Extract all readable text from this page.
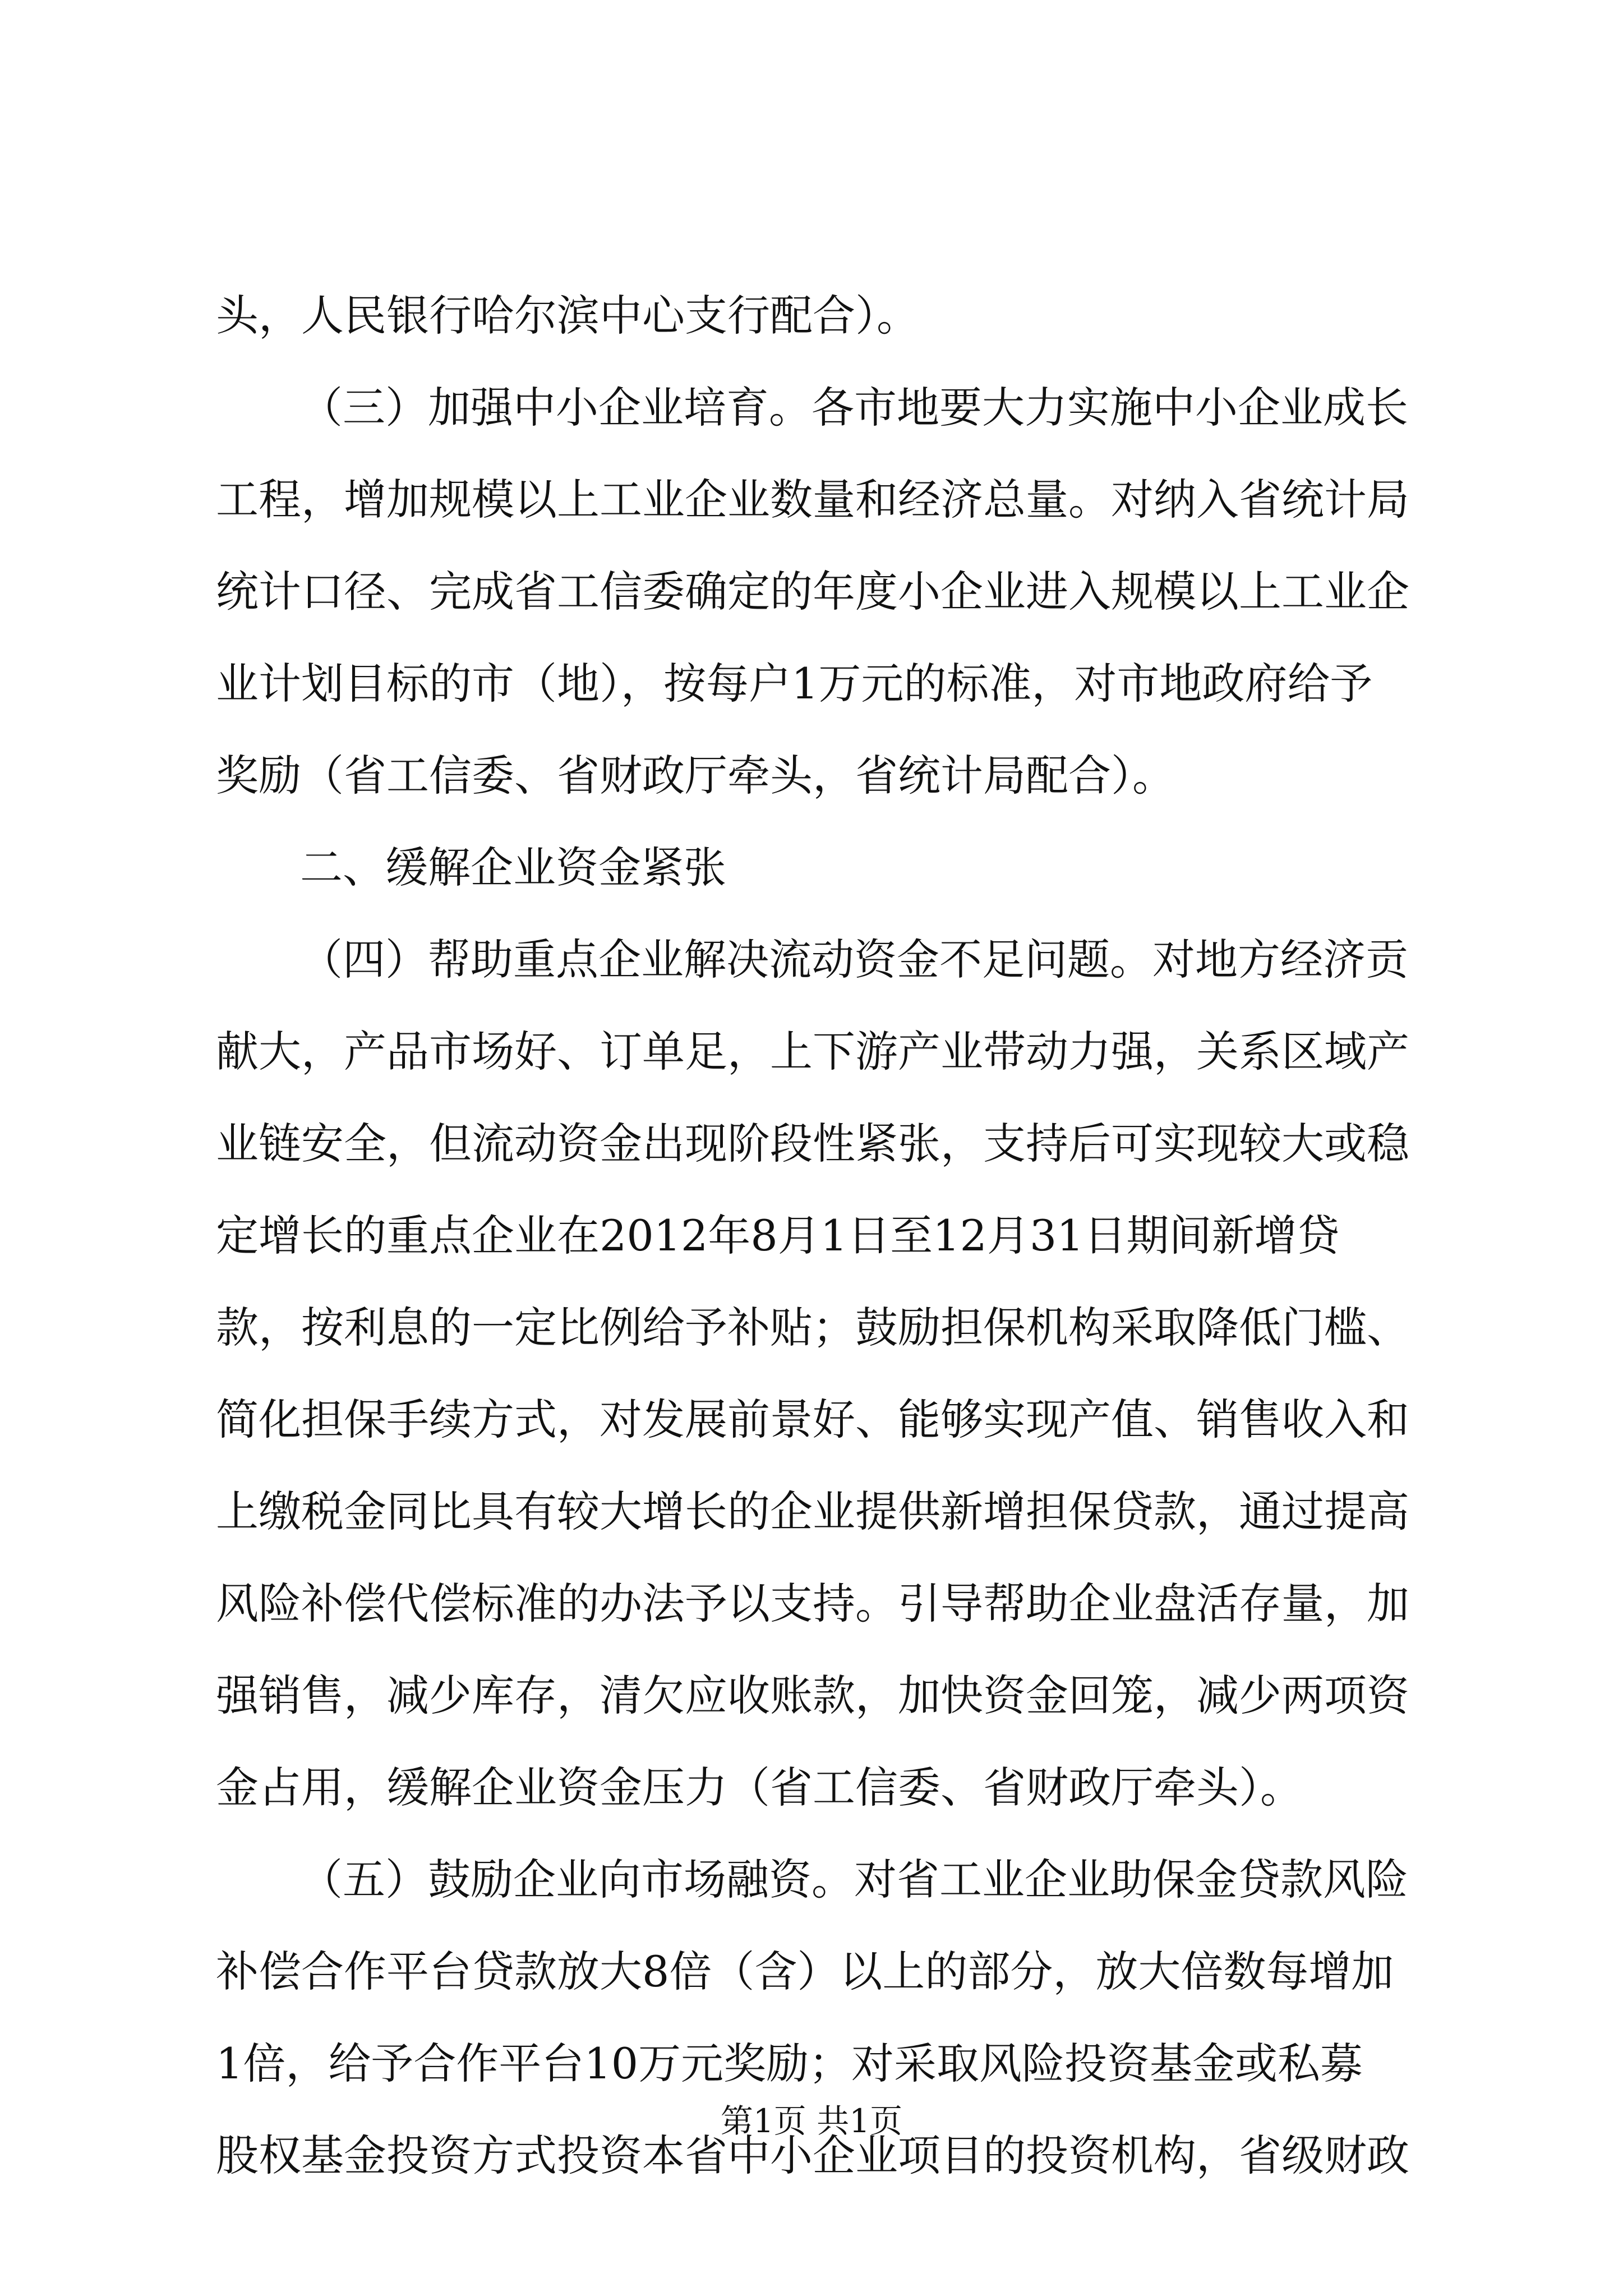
头，人民银行哈尔滨中心支行配合）。
（三）加强中小企业培育。各市地要大力实施中小企业成长
工程，增加规模以上工业企业数量和经济总量。对纳入省统计局
统计口径、完成省工信委确定的年度小企业进入规模以上工业企
业计划目标的市（地），按每户1万元的标准，对市地政府给予
奖励（省工信委、省财政厅牵头，省统计局配合）。
二、缓解企业资金紧张
（四）帮助重点企业解决流动资金不足问题。对地方经济贡
献大，产品市场好、订单足，上下游产业带动力强，关系区域产
业链安全，但流动资金出现阶段性紧张，支持后可实现较大或稳
定增长的重点企业在2012年8月1日至12月31日期间新增贷
款，按利息的一定比例给予补贴；鼓励担保机构采取降低门槛、
简化担保手续方式，对发展前景好、能够实现产值、销售收入和
上缴税金同比具有较大增长的企业提供新增担保贷款，通过提高
风险补偿代偿标准的办法予以支持。引导帮助企业盘活存量，加
强销售，减少库存，清欠应收账款，加快资金回笼，减少两项资
金占用，缓解企业资金压力（省工信委、省财政厅牵头）。
（五）鼓励企业向市场融资。对省工业企业助保金贷款风险
补偿合作平台贷款放大8倍（含）以上的部分，放大倍数每增加
1倍，给予合作平台10万元奖励；对采取风险投资基金或私募
股权基金投资方式投资本省中小企业项目的投资机构，省级财政
第1页 共1页
